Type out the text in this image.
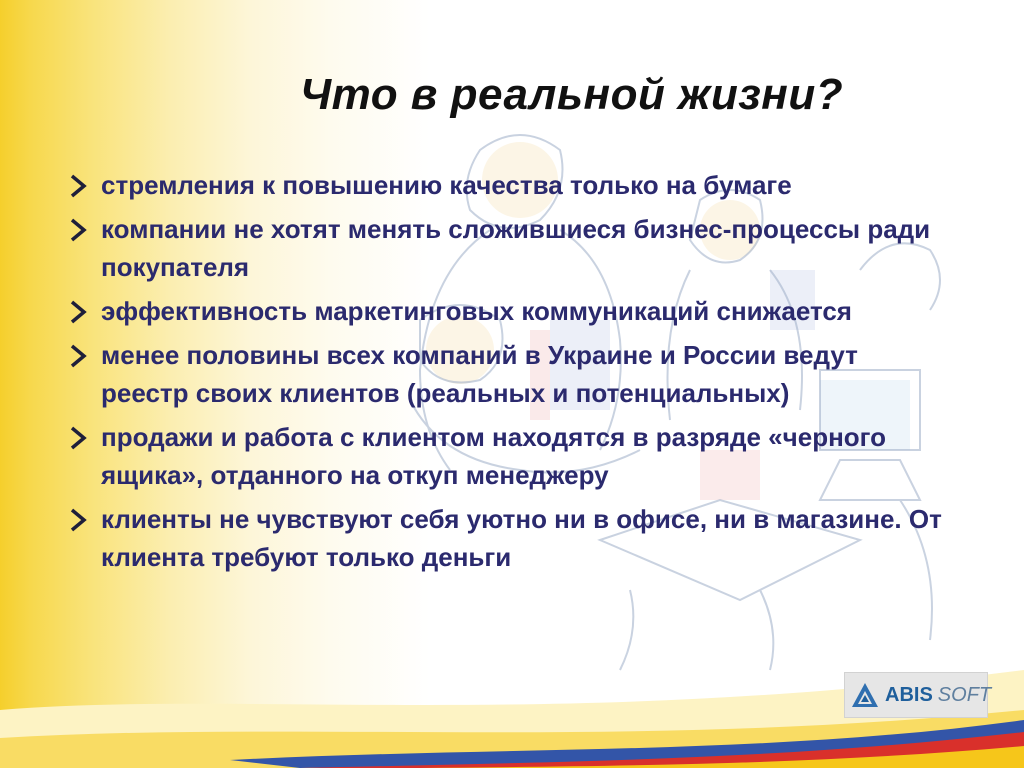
Что в реальной жизни?
стремления к повышению качества только на бумаге
компании не хотят менять сложившиеся бизнес-процессы ради покупателя
эффективность маркетинговых коммуникаций снижается
менее половины всех компаний в Украине и России ведут реестр своих клиентов (реальных и потенциальных)
продажи и работа с клиентом находятся в разряде «черного ящика», отданного на откуп менеджеру
клиенты не чувствуют себя уютно ни в офисе, ни в магазине. От клиента требуют только деньги
ABIS SOFT
